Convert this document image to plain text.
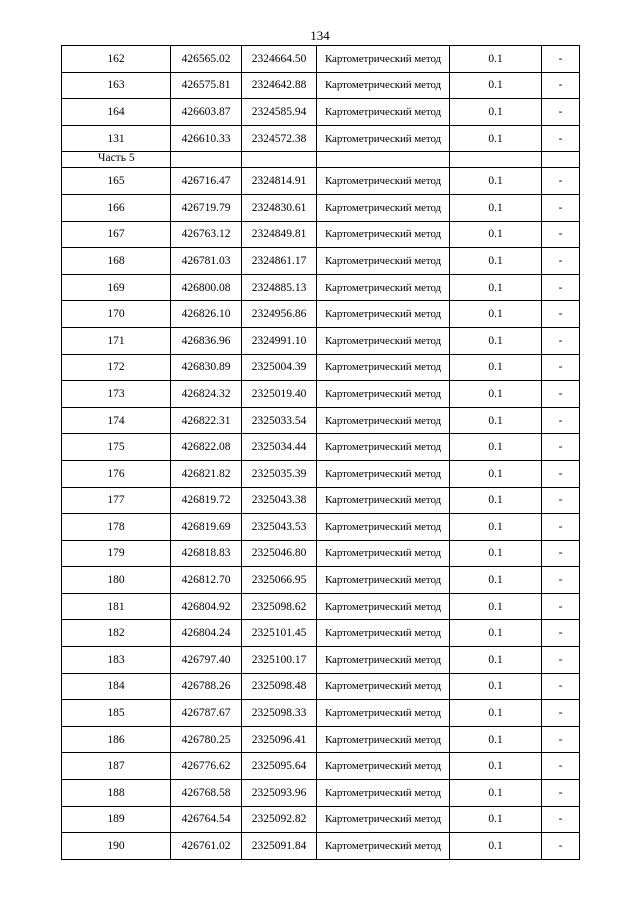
134
162	426565.02	2324664.50	Картометрический метод	0.1	-
163	426575.81	2324642.88	Картометрический метод	0.1	-
164	426603.87	2324585.94	Картометрический метод	0.1	-
131	426610.33	2324572.38	Картометрический метод	0.1	-
Часть 5					
165	426716.47	2324814.91	Картометрический метод	0.1	-
166	426719.79	2324830.61	Картометрический метод	0.1	-
167	426763.12	2324849.81	Картометрический метод	0.1	-
168	426781.03	2324861.17	Картометрический метод	0.1	-
169	426800.08	2324885.13	Картометрический метод	0.1	-
170	426826.10	2324956.86	Картометрический метод	0.1	-
171	426836.96	2324991.10	Картометрический метод	0.1	-
172	426830.89	2325004.39	Картометрический метод	0.1	-
173	426824.32	2325019.40	Картометрический метод	0.1	-
174	426822.31	2325033.54	Картометрический метод	0.1	-
175	426822.08	2325034.44	Картометрический метод	0.1	-
176	426821.82	2325035.39	Картометрический метод	0.1	-
177	426819.72	2325043.38	Картометрический метод	0.1	-
178	426819.69	2325043.53	Картометрический метод	0.1	-
179	426818.83	2325046.80	Картометрический метод	0.1	-
180	426812.70	2325066.95	Картометрический метод	0.1	-
181	426804.92	2325098.62	Картометрический метод	0.1	-
182	426804.24	2325101.45	Картометрический метод	0.1	-
183	426797.40	2325100.17	Картометрический метод	0.1	-
184	426788.26	2325098.48	Картометрический метод	0.1	-
185	426787.67	2325098.33	Картометрический метод	0.1	-
186	426780.25	2325096.41	Картометрический метод	0.1	-
187	426776.62	2325095.64	Картометрический метод	0.1	-
188	426768.58	2325093.96	Картометрический метод	0.1	-
189	426764.54	2325092.82	Картометрический метод	0.1	-
190	426761.02	2325091.84	Картометрический метод	0.1	-
